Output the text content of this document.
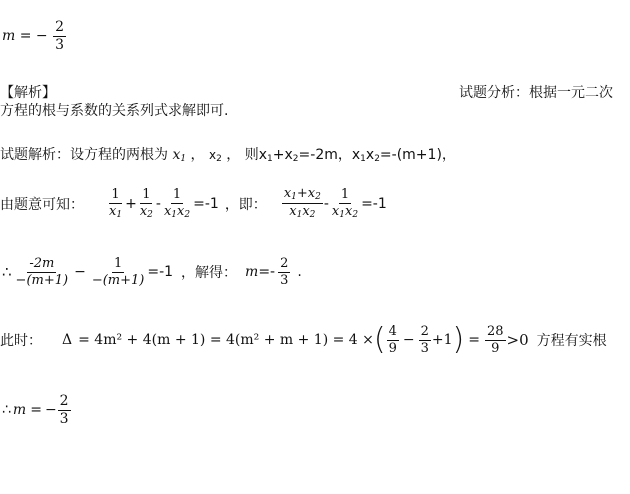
m = − $\frac{2}{3}$
【解析】	试题分析：根据一元二次
方程的根与系数的关系列式求解即可.
试题解析：设方程的两根为 $x_1$ ， $x_2$ ， 则$x_1+x_2=-2m$，$x_1x_2=-(m+1)$，
由题意可知： $\frac{1}{x_1} + \frac{1}{x_2} - \frac{1}{x_1x_2} =-1$ ，即： $\frac{x_1+x_2}{x_1x_2} - \frac{1}{x_1x_2} =-1$
∴ $\frac{-2m}{-(m+1)} - \frac{1}{-(m+1)} =-1$ ，解得： $m =- \frac{2}{3}$ .
此时： Δ = 4m² + 4(m + 1) = 4(m² + m + 1) = 4 × ( $\frac{4}{9} - \frac{2}{3} +1$ ) = $\frac{28}{9} >0$ 方程有实根
∴ m = − $\frac{2}{3}$
